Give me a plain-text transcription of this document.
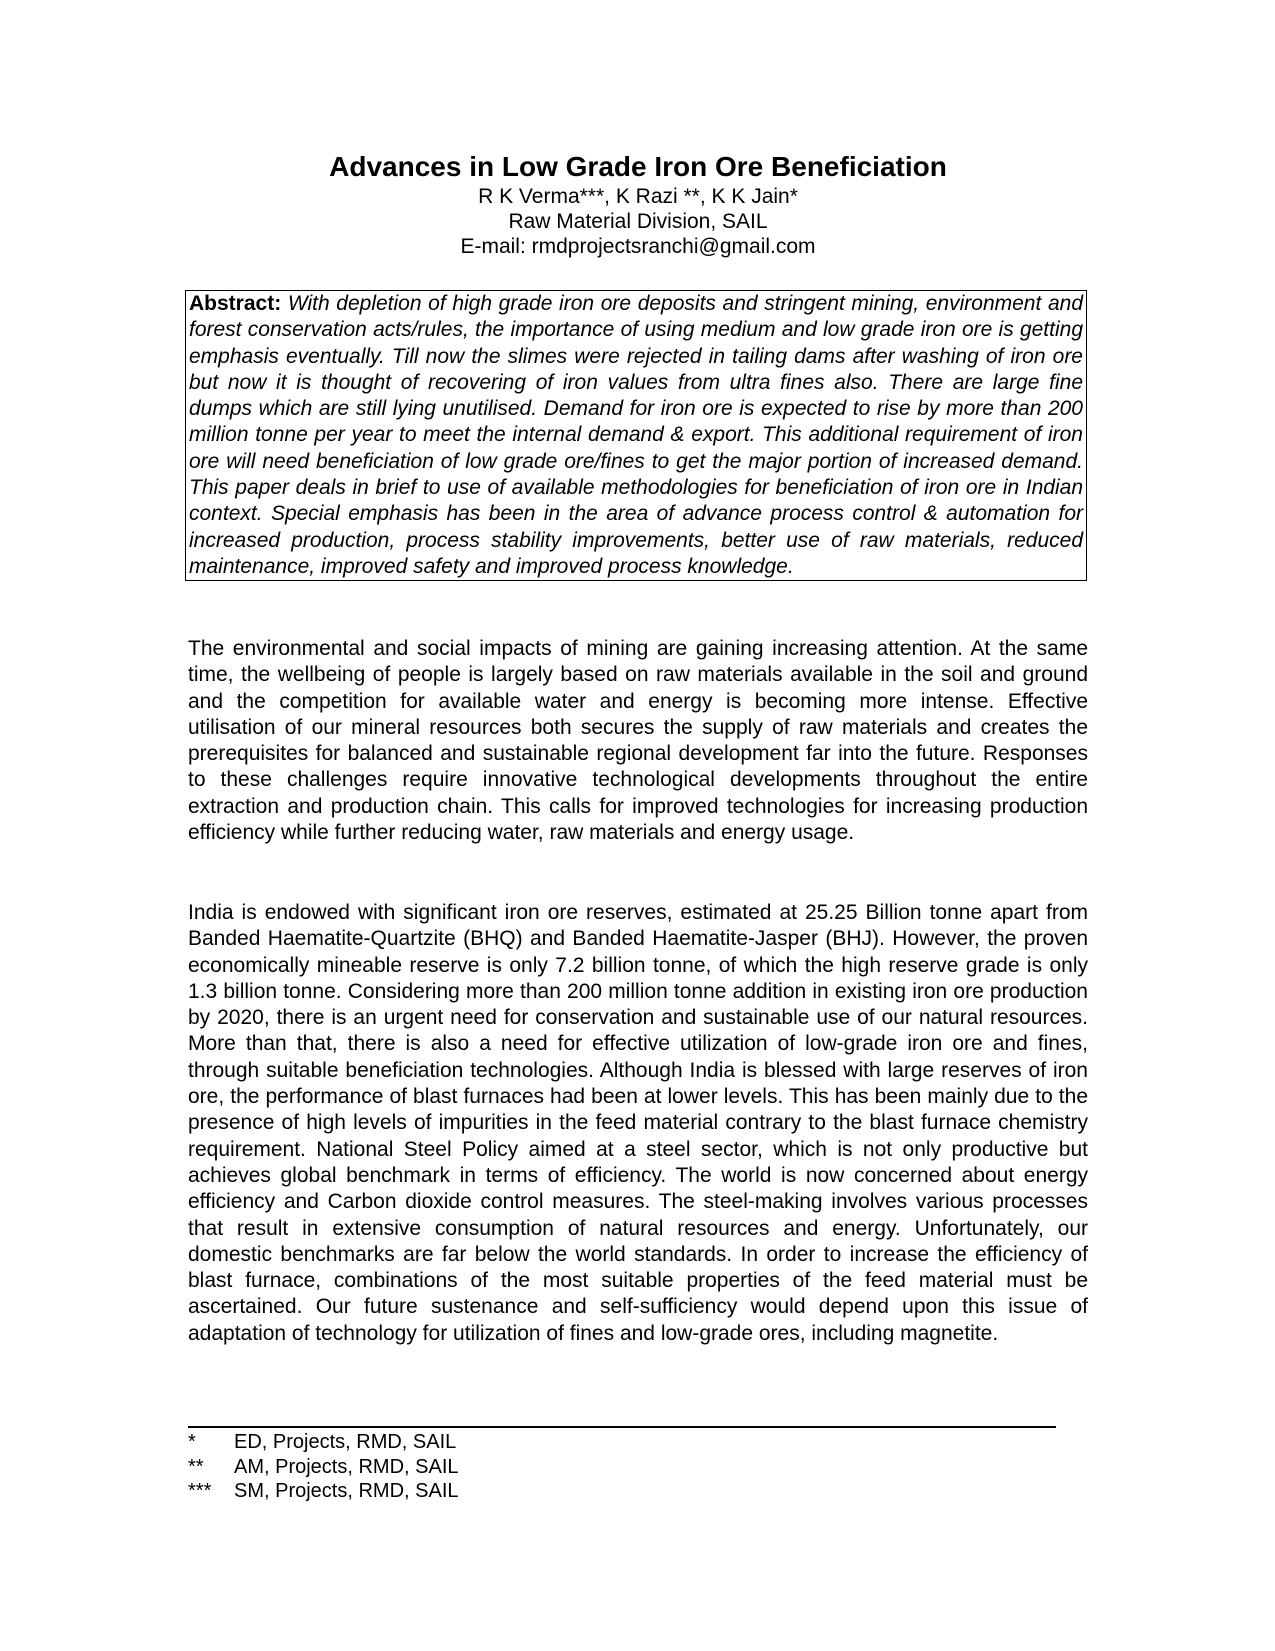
Advances in Low Grade Iron Ore Beneficiation

R K Verma***, K Razi **, K K Jain*

Raw Material Division, SAIL

E-mail: rmdprojectsranchi@gmail.com

Abstract: With depletion of high grade iron ore deposits and stringent mining, environment and forest conservation acts/rules, the importance of using medium and low grade iron ore is getting emphasis eventually. Till now the slimes were rejected in tailing dams after washing of iron ore but now it is thought of recovering of iron values from ultra fines also. There are large fine dumps which are still lying unutilised. Demand for iron ore is expected to rise by more than 200 million tonne per year to meet the internal demand & export. This additional requirement of iron ore will need beneficiation of low grade ore/fines to get the major portion of increased demand. This paper deals in brief to use of available methodologies for beneficiation of iron ore in Indian context. Special emphasis has been in the area of advance process control & automation for increased production, process stability improvements, better use of raw materials, reduced maintenance, improved safety and improved process knowledge.

The environmental and social impacts of mining are gaining increasing attention. At the same time, the wellbeing of people is largely based on raw materials available in the soil and ground and the competition for available water and energy is becoming more intense. Effective utilisation of our mineral resources both secures the supply of raw materials and creates the prerequisites for balanced and sustainable regional development far into the future. Responses to these challenges require innovative technological developments throughout the entire extraction and production chain. This calls for improved technologies for increasing production efficiency while further reducing water, raw materials and energy usage.

India is endowed with significant iron ore reserves, estimated at 25.25 Billion tonne apart from Banded Haematite-Quartzite (BHQ) and Banded Haematite-Jasper (BHJ). However, the proven economically mineable reserve is only 7.2 billion tonne, of which the high reserve grade is only 1.3 billion tonne. Considering more than 200 million tonne addition in existing iron ore production by 2020, there is an urgent need for conservation and sustainable use of our natural resources. More than that, there is also a need for effective utilization of low-grade iron ore and fines, through suitable beneficiation technologies. Although India is blessed with large reserves of iron ore, the performance of blast furnaces had been at lower levels. This has been mainly due to the presence of high levels of impurities in the feed material contrary to the blast furnace chemistry requirement. National Steel Policy aimed at a steel sector, which is not only productive but achieves global benchmark in terms of efficiency. The world is now concerned about energy efficiency and Carbon dioxide control measures. The steel-making involves various processes that result in extensive consumption of natural resources and energy. Unfortunately, our domestic benchmarks are far below the world standards. In order to increase the efficiency of blast furnace, combinations of the most suitable properties of the feed material must be ascertained. Our future sustenance and self-sufficiency would depend upon this issue of adaptation of technology for utilization of fines and low-grade ores, including magnetite.

*	ED, Projects, RMD, SAIL

**	AM, Projects, RMD, SAIL

***	SM, Projects, RMD, SAIL
